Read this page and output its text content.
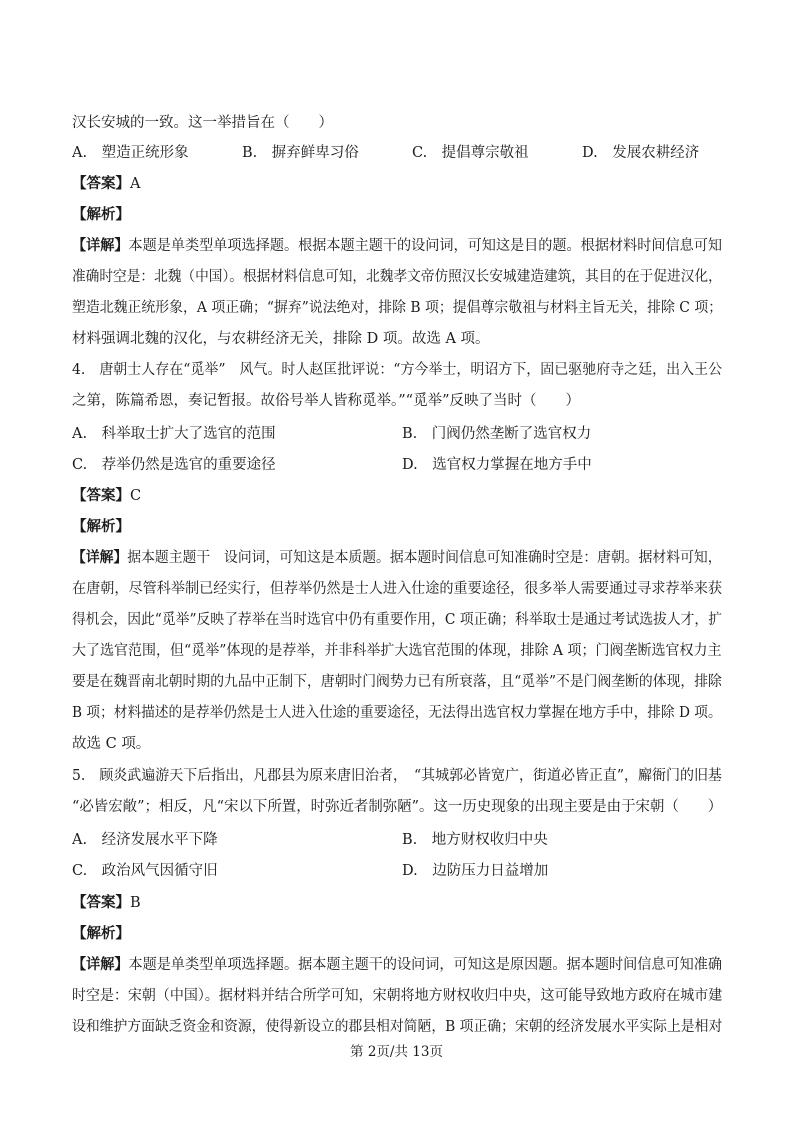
汉长安城的一致。这一举措旨在（　　）
A.　塑造正统形象	B.　摒弃鲜卑习俗	C.　提倡尊宗敬祖	D.　发展农耕经济
【答案】A
【解析】
【详解】本题是单类型单项选择题。根据本题主题干的设问词，可知这是目的题。根据材料时间信息可知
准确时空是：北魏（中国）。根据材料信息可知，北魏孝文帝仿照汉长安城建造建筑，其目的在于促进汉化，
塑造北魏正统形象，A 项正确；“摒弃”说法绝对，排除 B 项；提倡尊宗敬祖与材料主旨无关，排除 C 项；
材料强调北魏的汉化，与农耕经济无关，排除 D 项。故选 A 项。
4.　唐朝士人存在“觅举”　风气。时人赵匡批评说：“方今举士，明诏方下，固已驱驰府寺之廷，出入王公
之第，陈篇希恩，奏记暂报。故俗号举人皆称觅举。”“觅举”反映了当时（　　）
A.　科举取士扩大了选官的范围	B.　门阀仍然垄断了选官权力
C.　荐举仍然是选官的重要途径	D.　选官权力掌握在地方手中
【答案】C
【解析】
【详解】据本题主题干　设问词，可知这是本质题。据本题时间信息可知准确时空是：唐朝。据材料可知，
在唐朝，尽管科举制已经实行，但荐举仍然是士人进入仕途的重要途径，很多举人需要通过寻求荐举来获
得机会，因此“觅举”反映了荐举在当时选官中仍有重要作用，C 项正确；科举取士是通过考试选拔人才，扩
大了选官范围，但“觅举”体现的是荐举，并非科举扩大选官范围的体现，排除 A 项；门阀垄断选官权力主
要是在魏晋南北朝时期的九品中正制下，唐朝时门阀势力已有所衰落，且“觅举”不是门阀垄断的体现，排除
B 项；材料描述的是荐举仍然是士人进入仕途的重要途径，无法得出选官权力掌握在地方手中，排除 D 项。
故选 C 项。
5.　顾炎武遍游天下后指出，凡郡县为原来唐旧治者，　“其城郭必皆宽广，街道必皆正直”，廨衙门的旧基
“必皆宏敞”；相反，凡“宋以下所置，时弥近者制弥陋”。这一历史现象的出现主要是由于宋朝（　　）
A.　经济发展水平下降	B.　地方财权收归中央
C.　政治风气因循守旧	D.　边防压力日益增加
【答案】B
【解析】
【详解】本题是单类型单项选择题。据本题主题干的设问词，可知这是原因题。据本题时间信息可知准确
时空是：宋朝（中国）。据材料并结合所学可知，宋朝将地方财权收归中央，这可能导致地方政府在城市建
设和维护方面缺乏资金和资源，使得新设立的郡县相对简陋，B 项正确；宋朝的经济发展水平实际上是相对
第 2页/共 13页
